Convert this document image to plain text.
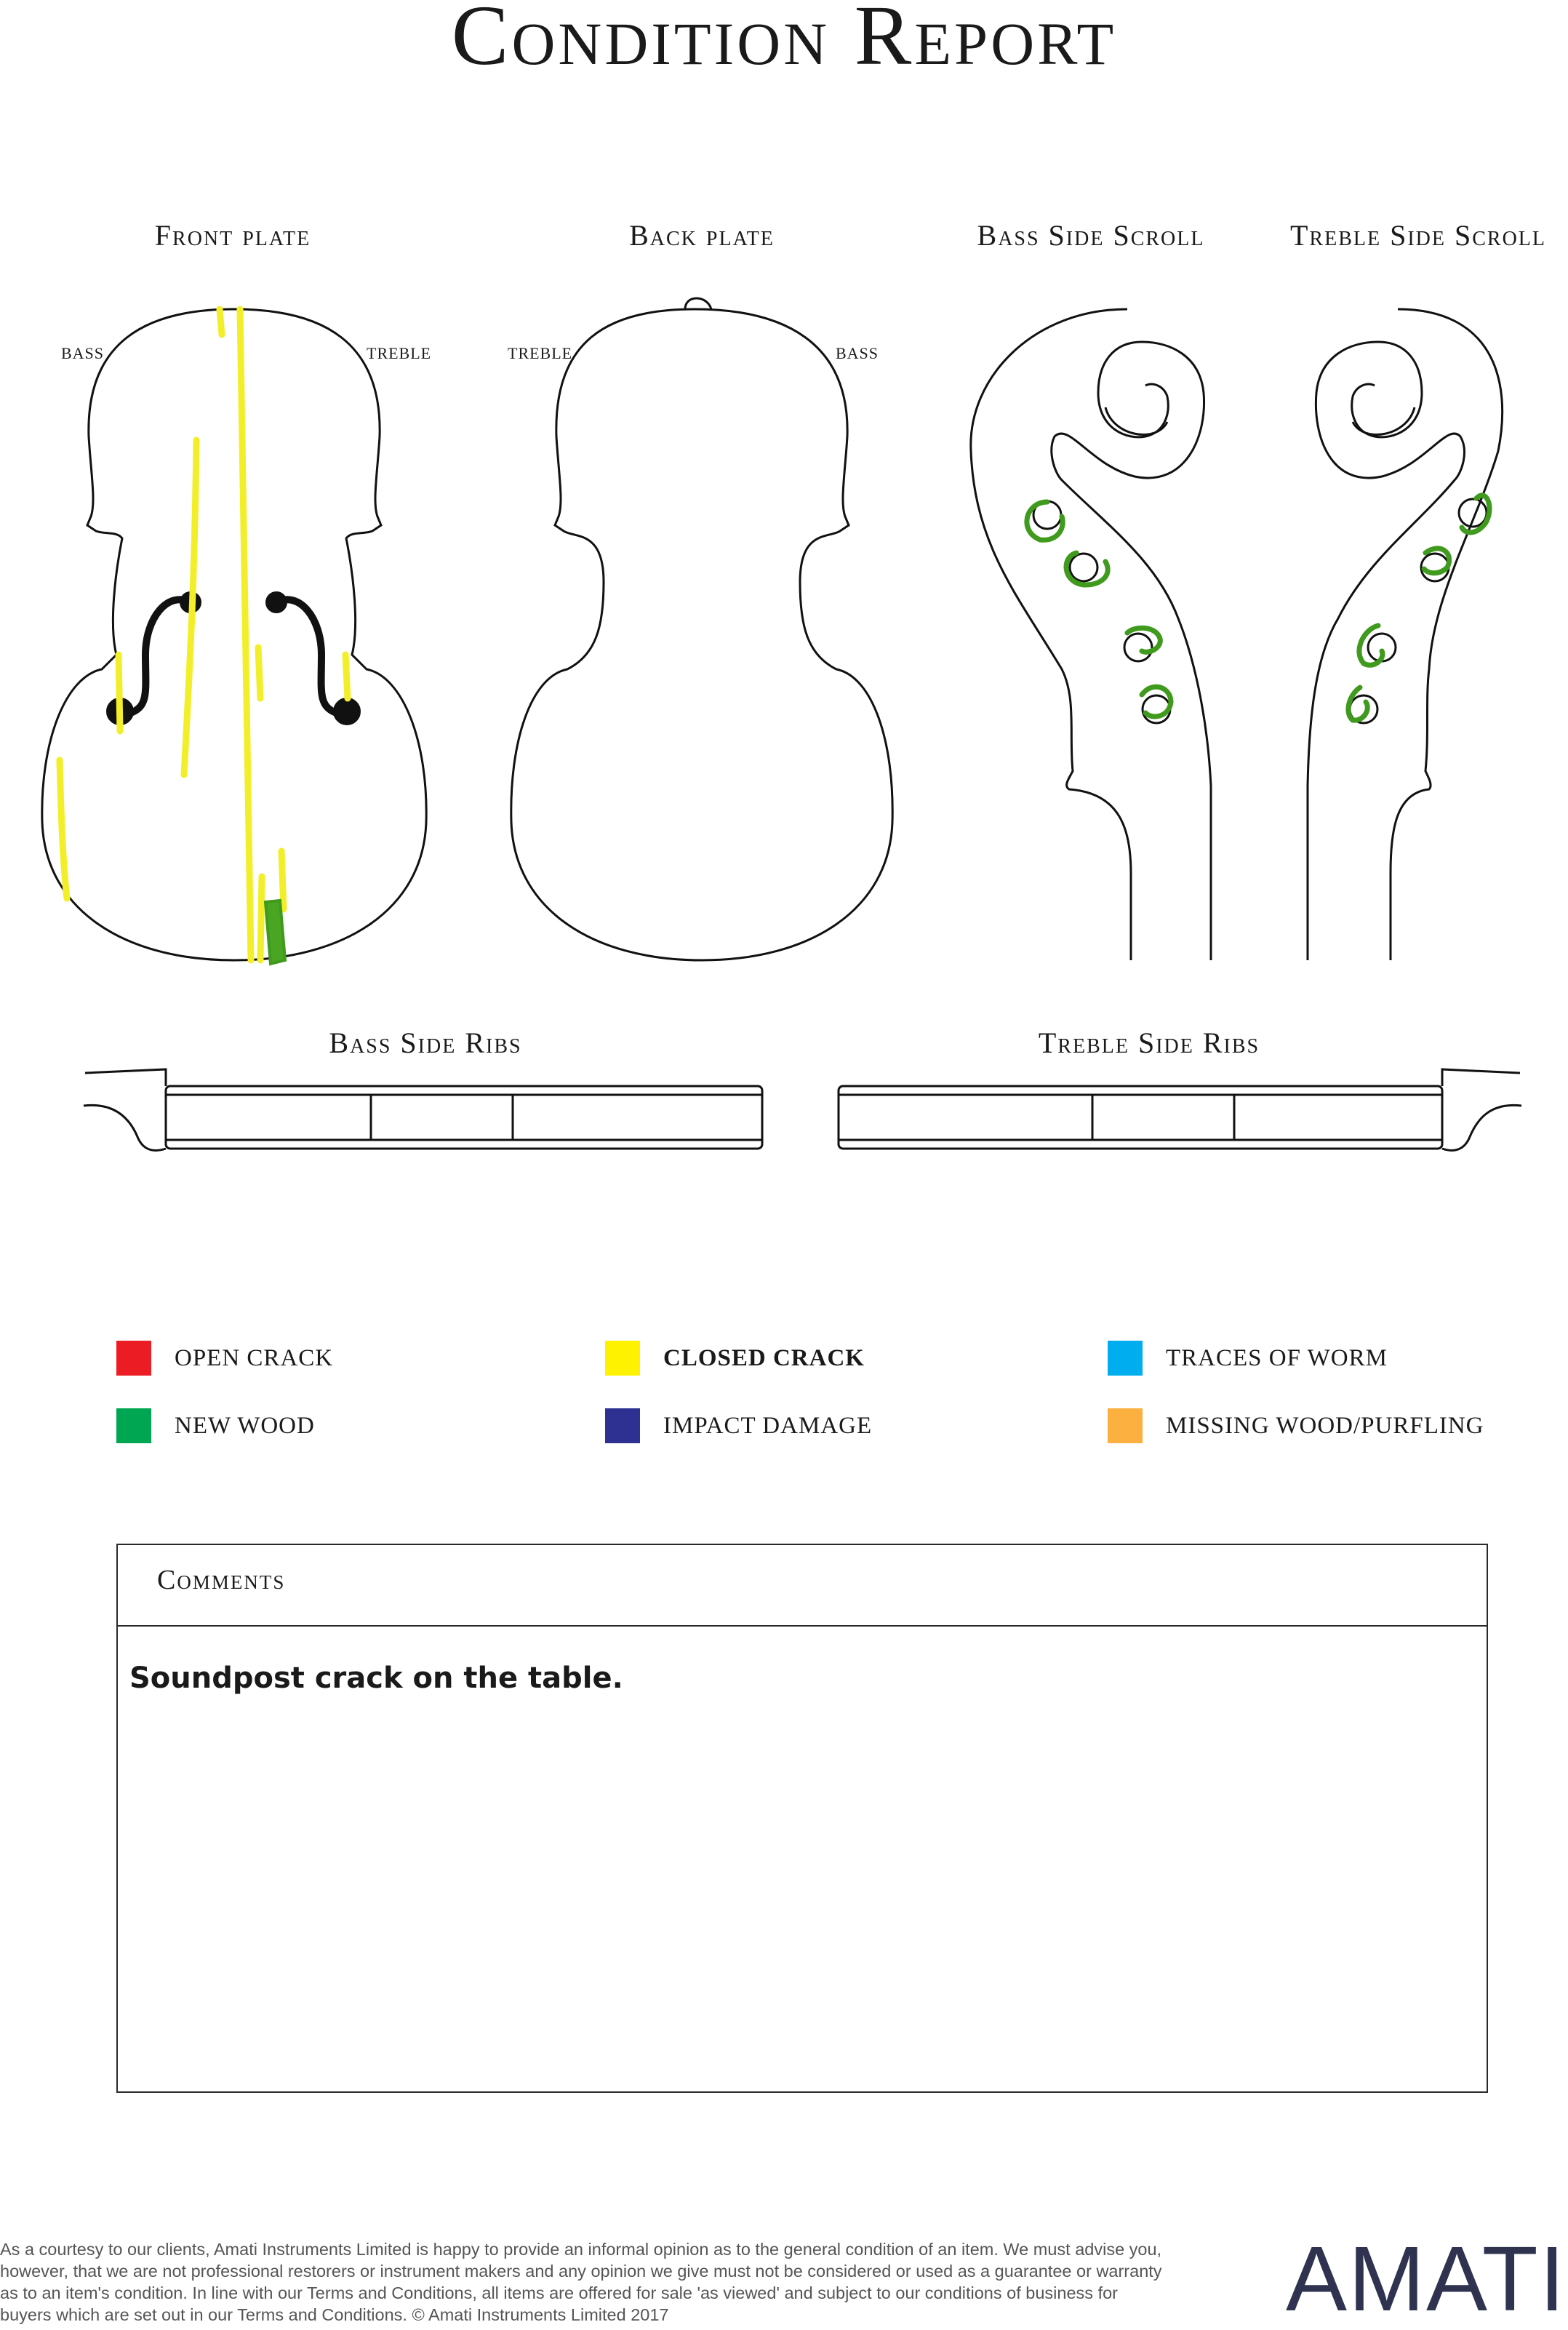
Condition Report
Front plate	Back plate	Bass Side Scroll	Treble Side Scroll
Bass Side Ribs	Treble Side Ribs
BASS	TREBLE	TREBLE	BASS
OPEN CRACK	CLOSED CRACK	TRACES OF WORM
NEW WOOD	IMPACT DAMAGE	MISSING WOOD/PURFLING
Comments
Soundpost crack on the table.
As a courtesy to our clients, Amati Instruments Limited is happy to provide an informal opinion as to the general condition of an item. We must advise you, however, that we are not professional restorers or instrument makers and any opinion we give must not be considered or used as a guarantee or warranty as to an item's condition. In line with our Terms and Conditions, all items are offered for sale 'as viewed' and subject to our conditions of business for buyers which are set out in our Terms and Conditions. © Amati Instruments Limited 2017	AMATI
